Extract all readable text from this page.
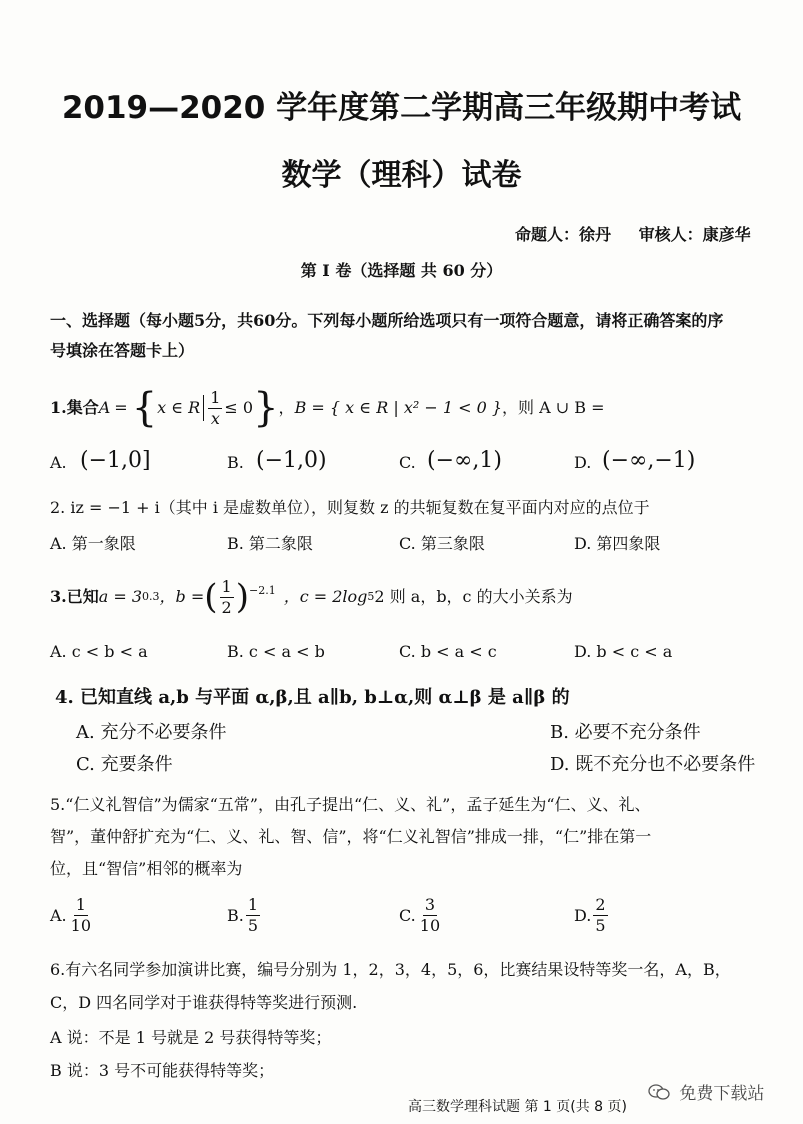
2019—2020 学年度第二学期高三年级期中考试
数学（理科）试卷
命题人：徐丹 审核人：康彦华
第 I 卷（选择题 共 60 分）
一、选择题（每小题5分，共60分。下列每小题所给选项只有一项符合题意，请将正确答案的序
号填涂在答题卡上）
1.集合 A = { x ∈ R $\frac{1}{x} \le 0$ } ， B = { x ∈ R | x² − 1 < 0 } ，则 A ∪ B =
A. (−1,0]	B. (−1,0)	C. (−∞,1)	D. (−∞,−1)
2. iz = −1 + i（其中 i 是虚数单位），则复数 z 的共轭复数在复平面内对应的点位于
A. 第一象限	B. 第二象限	C. 第三象限	D. 第四象限
3.已知 a = 3 0.3 ，b = ( $\frac{1}{2} )^{-2.1}$ ，c = 2log 5 2 则 a，b，c 的大小关系为
A. c < b < a	B. c < a < b	C. b < a < c	D. b < c < a
4. 已知直线 a,b 与平面 α,β,且 a∥b, b⊥α,则 α⊥β 是 a∥β 的
A. 充分不必要条件	B. 必要不充分条件
C. 充要条件	D. 既不充分也不必要条件
5.“仁义礼智信”为儒家“五常”，由孔子提出“仁、义、礼”，孟子延生为“仁、义、礼、
智”，董仲舒扩充为“仁、义、礼、智、信”，将“仁义礼智信”排成一排，“仁”排在第一
位，且“智信”相邻的概率为
A. $\frac{1}{10}$	B. $\frac{1}{5}$	C. $\frac{3}{10}$	D. $\frac{2}{5}$
6.有六名同学参加演讲比赛，编号分别为 1，2，3，4，5，6，比赛结果设特等奖一名，A，B，
C，D 四名同学对于谁获得特等奖进行预测.
A 说：不是 1 号就是 2 号获得特等奖；
B 说：3 号不可能获得特等奖；
高三数学理科试题 第 1 页(共 8 页)
免费下载站
